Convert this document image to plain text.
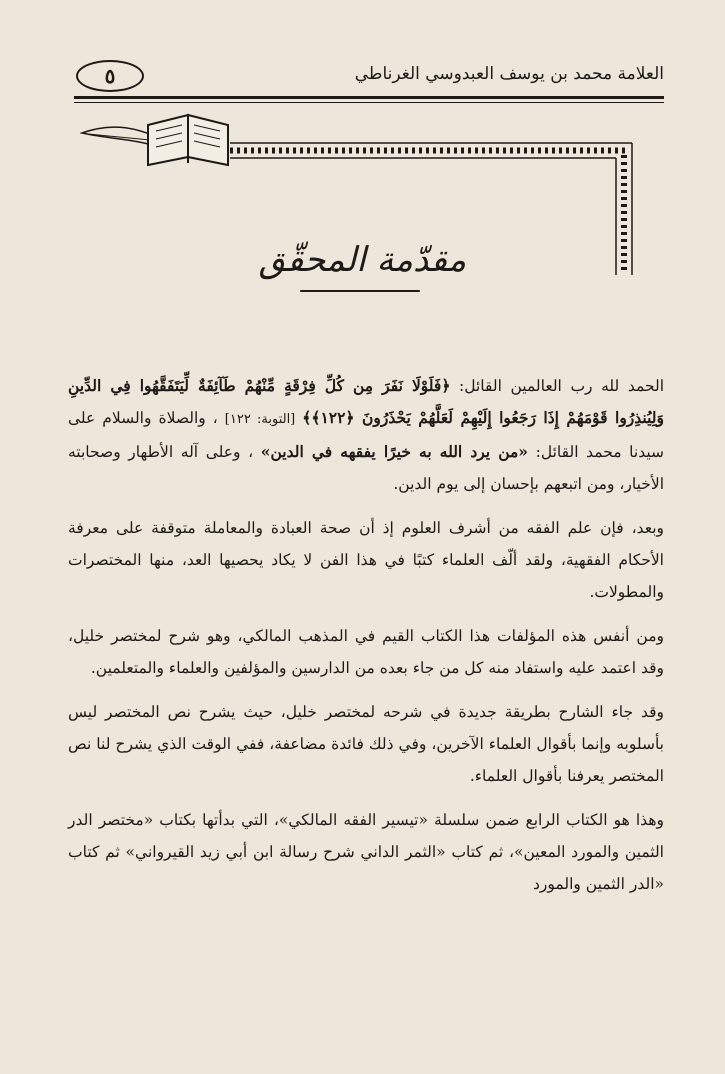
٥	العلامة محمد بن يوسف العبدوسي الغرناطي
مقدّمة المحقّق

الحمد لله رب العالمين القائل: ﴿فَلَوْلَا نَفَرَ مِن كُلِّ فِرْقَةٍ مِّنْهُمْ طَآئِفَةٌ لِّيَتَفَقَّهُوا فِي الدِّينِ وَلِيُنذِرُوا قَوْمَهُمْ إِذَا رَجَعُوا إِلَيْهِمْ لَعَلَّهُمْ يَحْذَرُونَ ﴿١٢٢﴾﴾ [التوبة: ١٢٢] ، والصلاة والسلام على سيدنا محمد القائل: «من يرد الله به خيرًا يفقهه في الدين» ، وعلى آله الأطهار وصحابته الأخيار، ومن اتبعهم بإحسان إلى يوم الدين.

وبعد، فإن علم الفقه من أشرف العلوم إذ أن صحة العبادة والمعاملة متوقفة على معرفة الأحكام الفقهية، ولقد ألّف العلماء كتبًا في هذا الفن لا يكاد يحصيها العد، منها المختصرات والمطولات.

ومن أنفس هذه المؤلفات هذا الكتاب القيم في المذهب المالكي، وهو شرح لمختصر خليل، وقد اعتمد عليه واستفاد منه كل من جاء بعده من الدارسين والمؤلفين والعلماء والمتعلمين.

وقد جاء الشارح بطريقة جديدة في شرحه لمختصر خليل، حيث يشرح نص المختصر ليس بأسلوبه وإنما بأقوال العلماء الآخرين، وفي ذلك فائدة مضاعفة، ففي الوقت الذي يشرح لنا نص المختصر يعرفنا بأقوال العلماء.

وهذا هو الكتاب الرابع ضمن سلسلة «تيسير الفقه المالكي»، التي بدأتها بكتاب «مختصر الدر الثمين والمورد المعين»، ثم كتاب «الثمر الداني شرح رسالة ابن أبي زيد القيرواني» ثم كتاب «الدر الثمين والمورد
